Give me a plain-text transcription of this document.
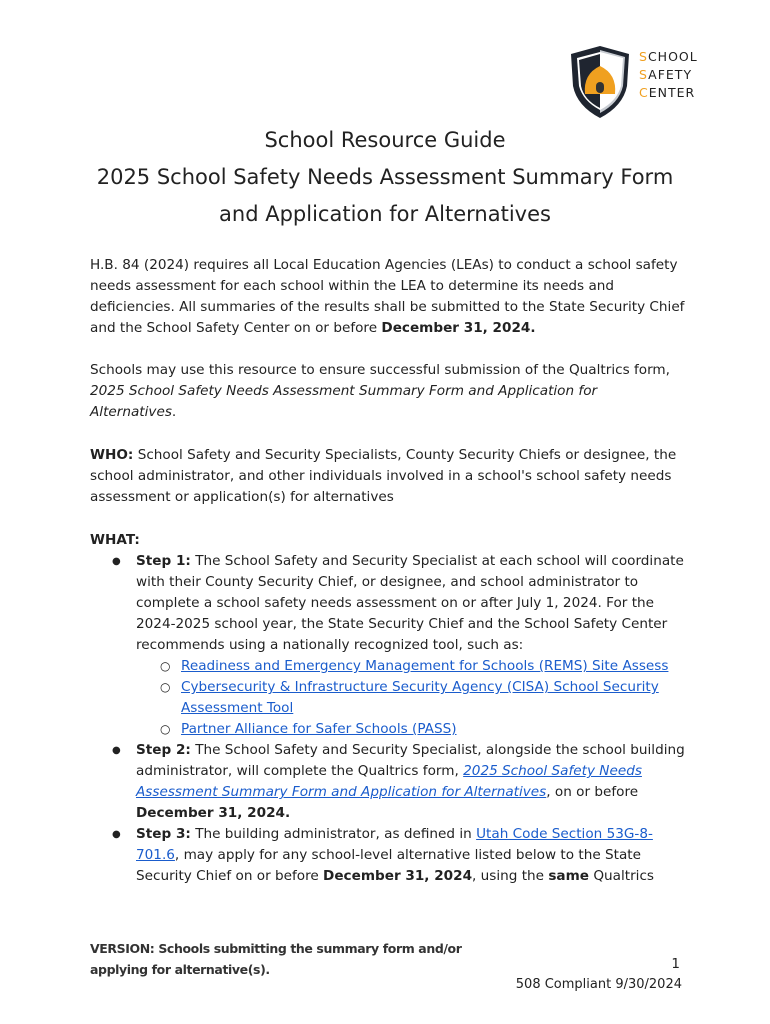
SCHOOL
SAFETY
CENTER
School Resource Guide
2025 School Safety Needs Assessment Summary Form
and Application for Alternatives

H.B. 84 (2024) requires all Local Education Agencies (LEAs) to conduct a school safety needs assessment for each school within the LEA to determine its needs and deficiencies. All summaries of the results shall be submitted to the State Security Chief and the School Safety Center on or before December 31, 2024.

Schools may use this resource to ensure successful submission of the Qualtrics form, 2025 School Safety Needs Assessment Summary Form and Application for Alternatives.

WHO: School Safety and Security Specialists, County Security Chiefs or designee, the school administrator, and other individuals involved in a school's school safety needs assessment or application(s) for alternatives

WHAT:

● Step 1: The School Safety and Security Specialist at each school will coordinate with their County Security Chief, or designee, and school administrator to complete a school safety needs assessment on or after July 1, 2024. For the 2024-2025 school year, the State Security Chief and the School Safety Center recommends using a nationally recognized tool, such as:
○ Readiness and Emergency Management for Schools (REMS) Site Assess
○ Cybersecurity & Infrastructure Security Agency (CISA) School Security Assessment Tool
○ Partner Alliance for Safer Schools (PASS)
● Step 2: The School Safety and Security Specialist, alongside the school building administrator, will complete the Qualtrics form, 2025 School Safety Needs Assessment Summary Form and Application for Alternatives, on or before December 31, 2024.
● Step 3: The building administrator, as defined in Utah Code Section 53G-8-701.6, may apply for any school-level alternative listed below to the State Security Chief on or before December 31, 2024, using the same Qualtrics
VERSION: Schools submitting the summary form and/or applying for alternative(s).	1
508 Compliant 9/30/2024
